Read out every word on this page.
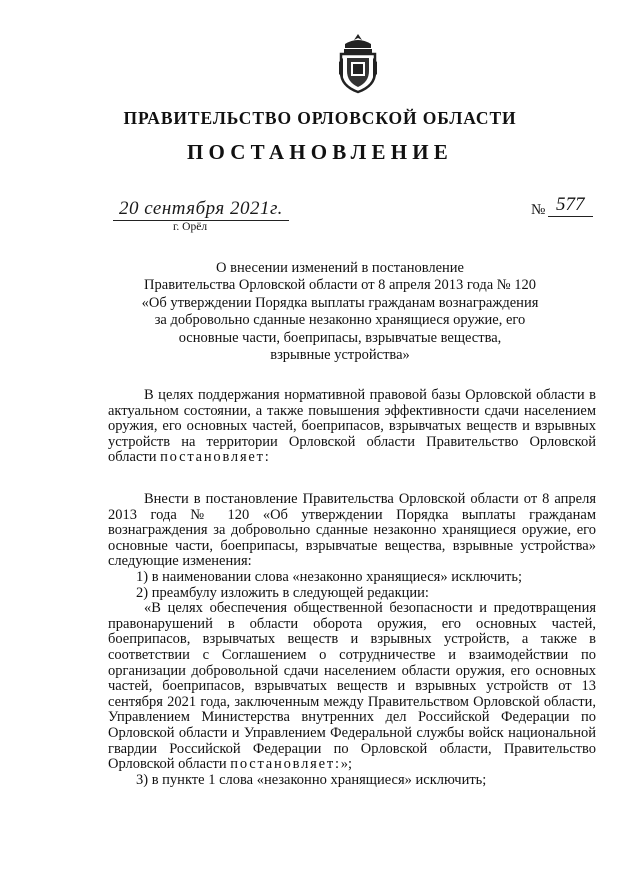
ПРАВИТЕЛЬСТВО ОРЛОВСКОЙ ОБЛАСТИ
ПОСТАНОВЛЕНИЕ
20 сентября 2021г.
г. Орёл
№ 577
О внесении изменений в постановление
Правительства Орловской области от 8 апреля 2013 года № 120
«Об утверждении Порядка выплаты гражданам вознаграждения
за добровольно сданные незаконно хранящиеся оружие, его
основные части, боеприпасы, взрывчатые вещества,
взрывные устройства»

В целях поддержания нормативной правовой базы Орловской области в актуальном состоянии, а также повышения эффективности сдачи населением оружия, его основных частей, боеприпасов, взрывчатых веществ и взрывных устройств на территории Орловской области Правительство Орловской области постановляет:

Внести в постановление Правительства Орловской области от 8 апреля 2013 года № 120 «Об утверждении Порядка выплаты гражданам вознаграждения за добровольно сданные незаконно хранящиеся оружие, его основные части, боеприпасы, взрывчатые вещества, взрывные устройства» следующие изменения:

1) в наименовании слова «незаконно хранящиеся» исключить;

2) преамбулу изложить в следующей редакции:

«В целях обеспечения общественной безопасности и предотвращения правонарушений в области оборота оружия, его основных частей, боеприпасов, взрывчатых веществ и взрывных устройств, а также в соответствии с Соглашением о сотрудничестве и взаимодействии по организации добровольной сдачи населением области оружия, его основных частей, боеприпасов, взрывчатых веществ и взрывных устройств от 13 сентября 2021 года, заключенным между Правительством Орловской области, Управлением Министерства внутренних дел Российской Федерации по Орловской области и Управлением Федеральной службы войск национальной гвардии Российской Федерации по Орловской области, Правительство Орловской области постановляет:»;

3) в пункте 1 слова «незаконно хранящиеся» исключить;
